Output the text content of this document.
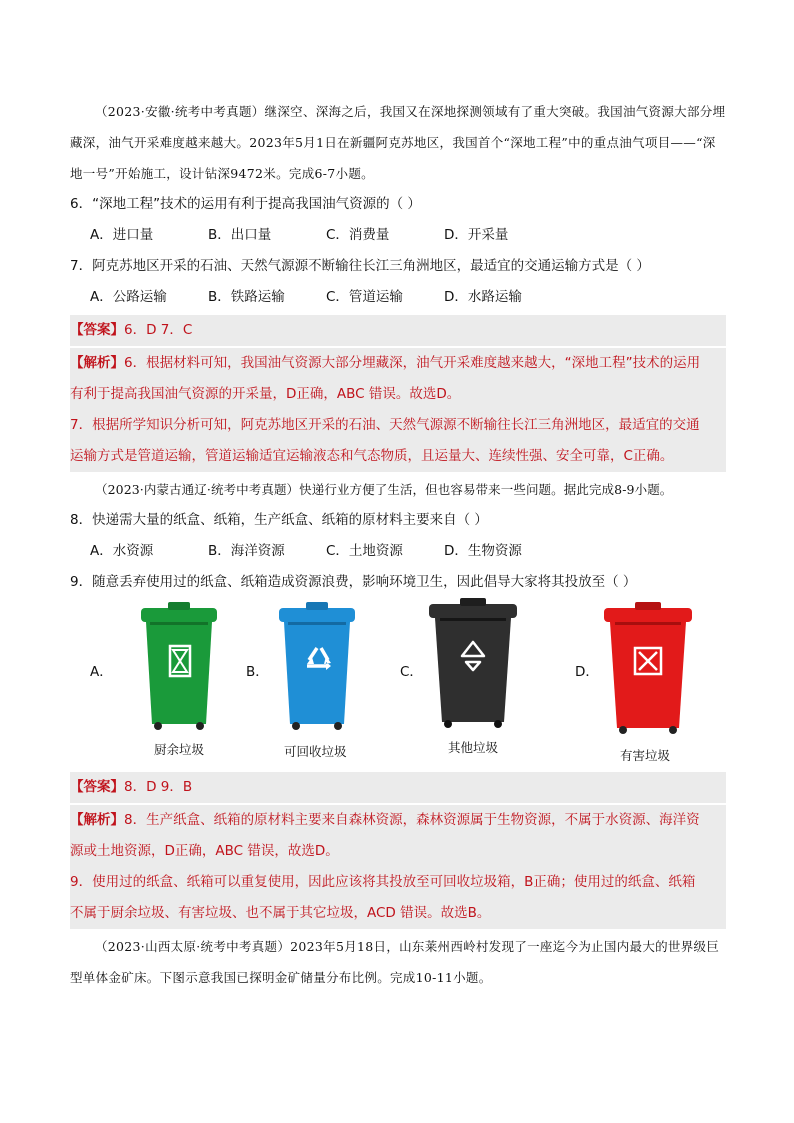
（2023·安徽·统考中考真题）继深空、深海之后，我国又在深地探测领域有了重大突破。我国油气资源大部分埋藏深，油气开采难度越来越大。2023年5月1日在新疆阿克苏地区，我国首个“深地工程”中的重点油气项目——“深地一号”开始施工，设计钻深9472米。完成6-7小题。

6．“深地工程”技术的运用有利于提高我国油气资源的（ ）

A．进口量	B．出口量	C．消费量	D．开采量

7．阿克苏地区开采的石油、天然气源源不断输往长江三角洲地区，最适宜的交通运输方式是（ ）

A．公路运输	B．铁路运输	C．管道运输	D．水路运输

【答案】6．D 7．C

【解析】6．根据材料可知，我国油气资源大部分埋藏深，油气开采难度越来越大，“深地工程”技术的运用

有利于提高我国油气资源的开采量，D正确，ABC 错误。故选D。

7．根据所学知识分析可知，阿克苏地区开采的石油、天然气源源不断输往长江三角洲地区，最适宜的交通

运输方式是管道运输，管道运输适宜运输液态和气态物质，且运量大、连续性强、安全可靠，C正确。

（2023·内蒙古通辽·统考中考真题）快递行业方便了生活，但也容易带来一些问题。据此完成8-9小题。

8．快递需大量的纸盒、纸箱，生产纸盒、纸箱的原材料主要来自（ ）

A．水资源	B．海洋资源	C．土地资源	D．生物资源

9．随意丢弃使用过的纸盒、纸箱造成资源浪费，影响环境卫生，因此倡导大家将其投放至（ ）

A．
厨余垃圾
B．
可回收垃圾
C．
其他垃圾
D．
有害垃圾

【答案】8．D 9．B

【解析】8．生产纸盒、纸箱的原材料主要来自森林资源，森林资源属于生物资源，不属于水资源、海洋资

源或土地资源，D正确，ABC 错误，故选D。

9．使用过的纸盒、纸箱可以重复使用，因此应该将其投放至可回收垃圾箱，B正确；使用过的纸盒、纸箱

不属于厨余垃圾、有害垃圾、也不属于其它垃圾，ACD 错误。故选B。

（2023·山西太原·统考中考真题）2023年5月18日，山东莱州西岭村发现了一座迄今为止国内最大的世界级巨型单体金矿床。下图示意我国已探明金矿储量分布比例。完成10-11小题。
